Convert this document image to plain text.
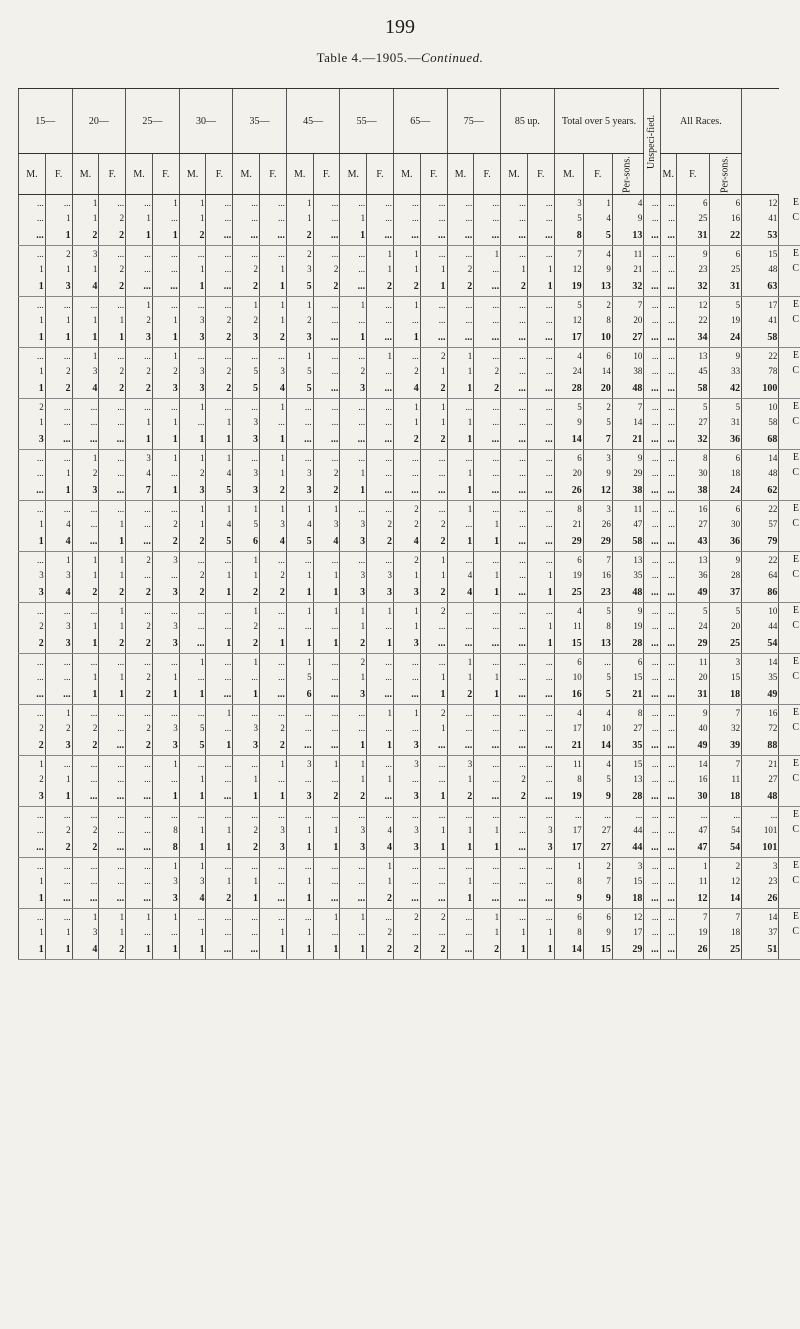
199
Table 4.—1905.—Continued.
15—		20—		25—		30—		35—		45—		55—		65—		75—		85 up.		Total over 5 years.			Unspeci-fied.	All Races.				
M.	F.	M.	F.	M.	F.	M.	F.	M.	F.	M.	F.	M.	F.	M.	F.	M.	F.	M.	F.	M.	F.	Per-sons.		M.	F.	Per-sons.		
...	...	1	...	...	1	1	...	...	...	1	...	...	...	...	...	...	...	...	...	3	1	4	...	...	6	6	12	E
...	1	1	2	1	...	1	...	...	...	1	...	1	...	...	...	...	...	...	...	5	4	9	...	...	25	16	41	C
...	1	2	2	1	1	2	...	...	...	2	...	1	...	...	...	...	...	...	...	8	5	13	...	...	31	22	53	
...	2	3	...	...	...	...	...	...	...	2	...	...	1	1	...	...	1	...	...	7	4	11	...	...	9	6	15	E
1	1	1	2	...	...	1	...	2	1	3	2	...	1	1	1	2	...	1	1	12	9	21	...	...	23	25	48	C
1	3	4	2	...	...	1	...	2	1	5	2	...	2	2	1	2	...	2	1	19	13	32	...	...	32	31	63	
...	...	...	...	1	...	...	...	1	1	1	...	1	...	1	...	...	...	...	...	5	2	7	...	...	12	5	17	E
1	1	1	1	2	1	3	2	2	1	2	...	...	...	...	...	...	...	...	...	12	8	20	...	...	22	19	41	C
1	1	1	1	3	1	3	2	3	2	3	...	1	...	1	...	...	...	...	...	17	10	27	...	...	34	24	58	
...	...	1	...	...	1	...	...	...	...	1	...	...	1	...	2	1	...	...	...	4	6	10	...	...	13	9	22	E
1	2	3	2	2	2	3	2	5	3	5	...	2	...	2	1	1	2	...	...	24	14	38	...	...	45	33	78	C
1	2	4	2	2	3	3	2	5	4	5	...	3	...	4	2	1	2	...	...	28	20	48	...	...	58	42	100	
2	...	...	...	...	...	1	...	...	1	...	...	...	...	1	1	...	...	...	...	5	2	7	...	...	5	5	10	E
1	...	...	...	1	1	...	1	3	...	...	...	...	...	1	1	1	...	...	...	9	5	14	...	...	27	31	58	C
3	...	...	...	1	1	1	1	3	1	...	...	...	...	2	2	1	...	...	...	14	7	21	...	...	32	36	68	
...	...	1	...	3	1	1	1	...	1	...	...	...	...	...	...	...	...	...	...	6	3	9	...	...	8	6	14	E
...	1	2	...	4	...	2	4	3	1	3	2	1	...	...	...	1	...	...	...	20	9	29	...	...	30	18	48	C
...	1	3	...	7	1	3	5	3	2	3	2	1	...	...	...	1	...	...	...	26	12	38	...	...	38	24	62	
...	...	...	...	...	...	1	1	1	1	1	1	...	...	2	...	1	...	...	...	8	3	11	...	...	16	6	22	E
1	4	...	1	...	2	1	4	5	3	4	3	3	2	2	2	...	1	...	...	21	26	47	...	...	27	30	57	C
1	4	...	1	...	2	2	5	6	4	5	4	3	2	4	2	1	1	...	...	29	29	58	...	...	43	36	79	
...	1	1	1	2	3	...	...	1	...	...	...	...	...	2	1	...	...	...	...	6	7	13	...	...	13	9	22	E
3	3	1	1	...	...	2	1	1	2	1	1	3	3	1	1	4	1	...	1	19	16	35	...	...	36	28	64	C
3	4	2	2	2	3	2	1	2	2	1	1	3	3	3	2	4	1	...	1	25	23	48	...	...	49	37	86	
...	...	...	1	...	...	...	...	1	...	1	1	1	1	1	2	...	...	...	...	4	5	9	...	...	5	5	10	E
2	3	1	1	2	3	...	...	2	...	...	...	1	...	1	...	...	...	...	1	11	8	19	...	...	24	20	44	C
2	3	1	2	2	3	...	1	2	1	1	1	2	1	3	...	...	...	...	1	15	13	28	...	...	29	25	54	
...	...	...	...	...	...	1	...	1	...	1	...	2	...	...	...	1	...	...	...	6	...	6	...	...	11	3	14	E
...	...	1	1	2	1	...	...	...	...	5	...	1	...	...	1	1	1	...	...	10	5	15	...	...	20	15	35	C
...	...	1	1	2	1	1	...	1	...	6	...	3	...	...	1	2	1	...	...	16	5	21	...	...	31	18	49	
...	1	...	...	...	...	...	1	...	...	...	...	...	1	1	2	...	...	...	...	4	4	8	...	...	9	7	16	E
2	2	2	...	2	3	5	...	3	2	...	...	...	...	...	1	...	...	...	...	17	10	27	...	...	40	32	72	C
2	3	2	...	2	3	5	1	3	2	...	...	1	1	3	...	...	...	...	...	21	14	35	...	...	49	39	88	
1	...	...	...	...	1	...	...	...	1	3	1	1	...	3	...	3	...	...	...	11	4	15	...	...	14	7	21	E
2	1	...	...	...	...	1	...	1	...	...	...	1	1	...	...	1	...	2	...	8	5	13	...	...	16	11	27	C
3	1	...	...	...	1	1	...	1	1	3	2	2	...	3	1	2	...	2	...	19	9	28	...	...	30	18	48	
...	...	...	...	...	...	...	...	...	...	...	...	...	...	...	...	...	...	...	...	...	...	...	...	...	...	...	...	E
...	2	2	...	...	8	1	1	2	3	1	1	3	4	3	1	1	1	...	3	17	27	44	...	...	47	54	101	C
...	2	2	...	...	8	1	1	2	3	1	1	3	4	3	1	1	1	...	3	17	27	44	...	...	47	54	101	
...	...	...	...	...	1	1	...	...	...	...	...	...	1	...	...	...	...	...	...	1	2	3	...	...	1	2	3	E
1	...	...	...	...	3	3	1	1	...	1	...	...	1	...	...	1	...	...	...	8	7	15	...	...	11	12	23	C
1	...	...	...	...	3	4	2	1	...	1	...	...	2	...	...	1	...	...	...	9	9	18	...	...	12	14	26	
...	...	1	1	1	1	...	...	...	...	...	1	1	...	2	2	...	1	...	...	6	6	12	...	...	7	7	14	E
1	1	3	1	...	...	1	...	...	1	1	...	...	2	...	...	...	1	1	1	8	9	17	...	...	19	18	37	C
1	1	4	2	1	1	1	...	...	1	1	1	1	2	2	2	...	2	1	1	14	15	29	...	...	26	25	51	
